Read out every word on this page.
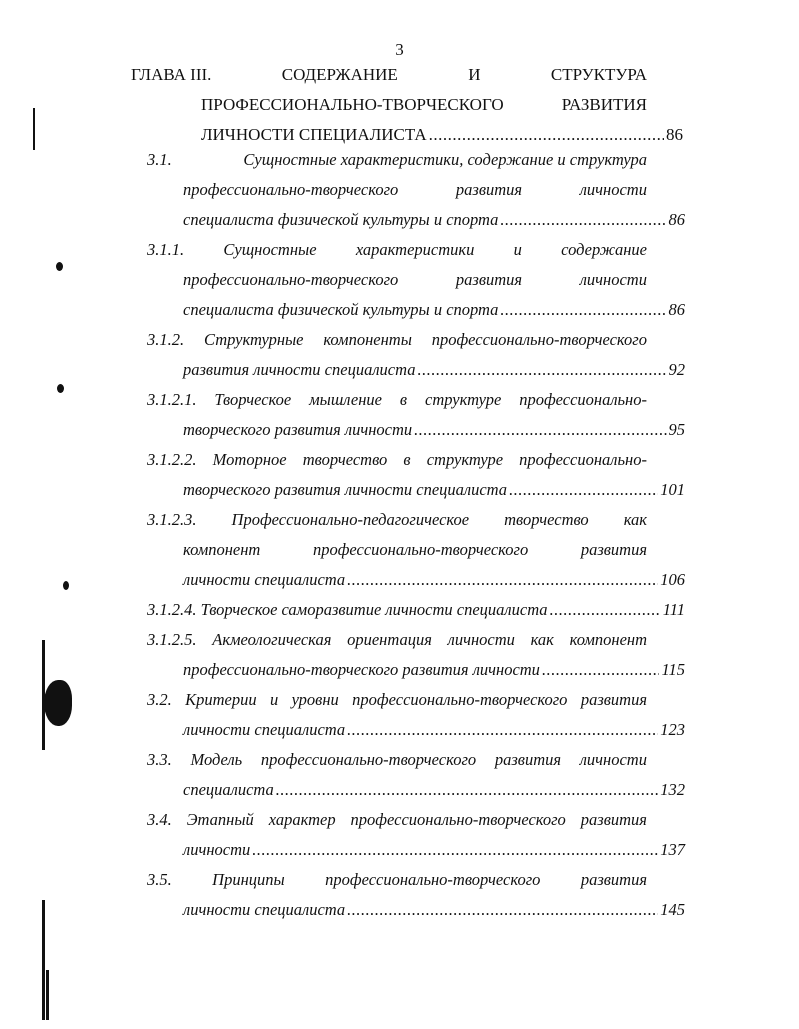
3
ГЛАВА III.	СОДЕРЖАНИЕ	И	СТРУКТУРА
ПРОФЕССИОНАЛЬНО-ТВОРЧЕСКОГО	РАЗВИТИЯ
ЛИЧНОСТИ СПЕЦИАЛИСТА .....	86
3.1.	Сущностные характеристики, содержание и структура
профессионально-творческого	развития	личности
специалиста физической культуры и спорта .....	86
3.1.1. Сущностные характеристики и содержание
профессионально-творческого	развития	личности
специалиста физической культуры и спорта .....	86
3.1.2. Структурные компоненты профессионально-творческого
развития личности специалиста .....	92
3.1.2.1. Творческое мышление в структуре профессионально-
творческого развития личности .....	95
3.1.2.2. Моторное творчество в структуре профессионально-
творческого развития личности специалиста .....	101
3.1.2.3. Профессионально-педагогическое творчество как
компонент	профессионально-творческого	развития
личности специалиста .....	106
3.1.2.4. Творческое саморазвитие личности специалиста .....	111
3.1.2.5. Акмеологическая ориентация личности как компонент
профессионально-творческого развития личности .....	115
3.2. Критерии и уровни профессионально-творческого развития
личности специалиста .....	123
3.3. Модель профессионально-творческого развития личности
специалиста .....	132
3.4. Этапный характер профессионально-творческого развития
личности .....	137
3.5. Принципы профессионально-творческого развития
личности специалиста .....	145
